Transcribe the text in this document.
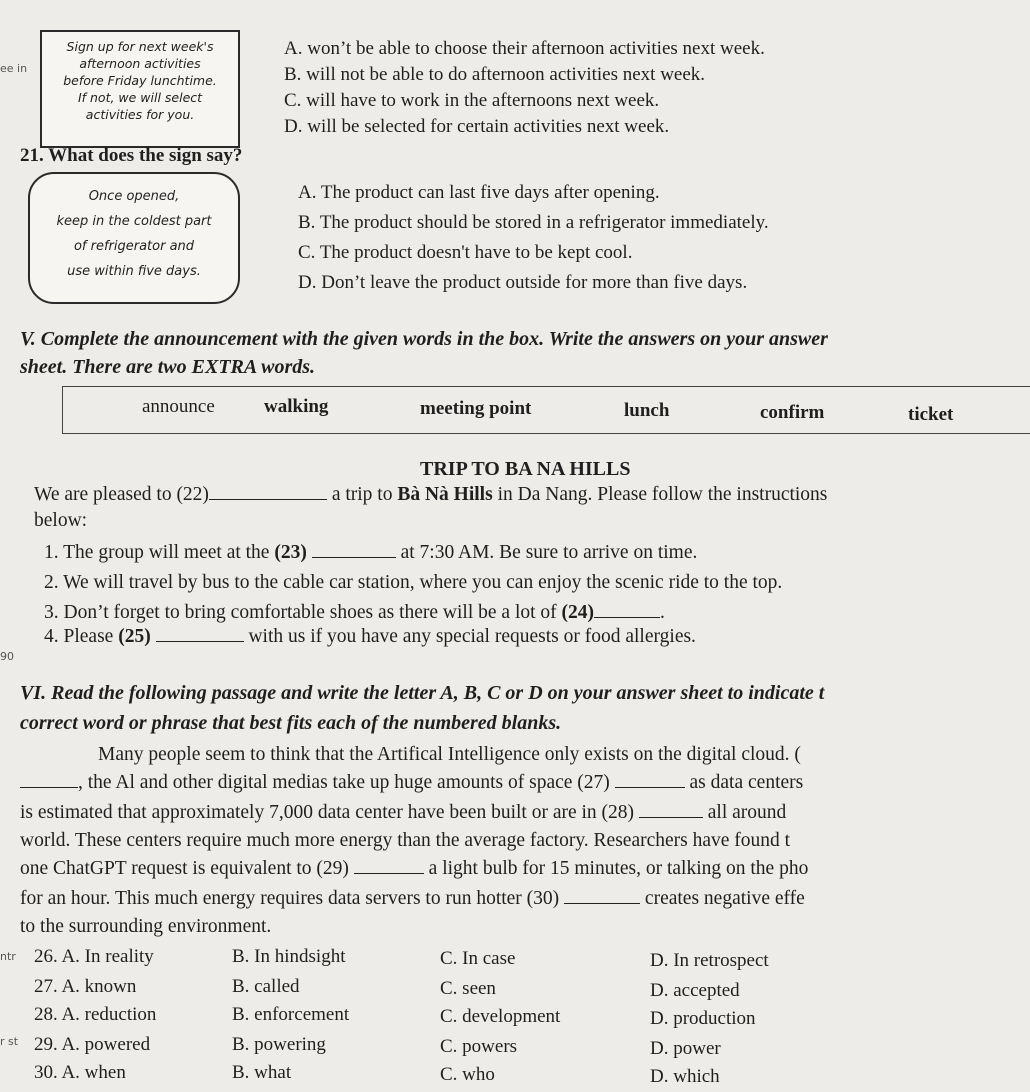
ee in
90
ntr
r st
Sign up for next week's
afternoon activities
before Friday lunchtime.
If not, we will select
activities for you.
A. won’t be able to choose their afternoon activities next week.
B. will not be able to do afternoon activities next week.
C. will have to work in the afternoons next week.
D. will be selected for certain activities next week.
21. What does the sign say?
Once opened,
keep in the coldest part
of refrigerator and
use within five days.
A. The product can last five days after opening.
B. The product should be stored in a refrigerator immediately.
C. The product doesn't have to be kept cool.
D. Don’t leave the product outside for more than five days.
V. Complete the announcement with the given words in the box. Write the answers on your answer
sheet. There are two EXTRA words.
announce	walking	meeting point	lunch	confirm	ticket
TRIP TO BA NA HILLS
We are pleased to (22)	a trip to Bà Nà Hills in Da Nang. Please follow the instructions
below:
1. The group will meet at the (23)	at 7:30 AM. Be sure to arrive on time.
2. We will travel by bus to the cable car station, where you can enjoy the scenic ride to the top.
3. Don’t forget to bring comfortable shoes as there will be a lot of (24)	.
4. Please (25)	with us if you have any special requests or food allergies.
VI. Read the following passage and write the letter A, B, C or D on your answer sheet to indicate t
correct word or phrase that best fits each of the numbered blanks.
Many people seem to think that the Artifical Intelligence only exists on the digital cloud. (
, the Al and other digital medias take up huge amounts of space (27)	as data centers
is estimated that approximately 7,000 data center have been built or are in (28)	all around
world. These centers require much more energy than the average factory. Researchers have found t
one ChatGPT request is equivalent to (29)	a light bulb for 15 minutes, or talking on the pho
for an hour. This much energy requires data servers to run hotter (30)	creates negative effe
to the surrounding environment.
26. A. In reality	B. In hindsight	C. In case	D. In retrospect
27. A. known	B. called	C. seen	D. accepted
28. A. reduction	B. enforcement	C. development	D. production
29. A. powered	B. powering	C. powers	D. power
30. A. when	B. what	C. who	D. which
